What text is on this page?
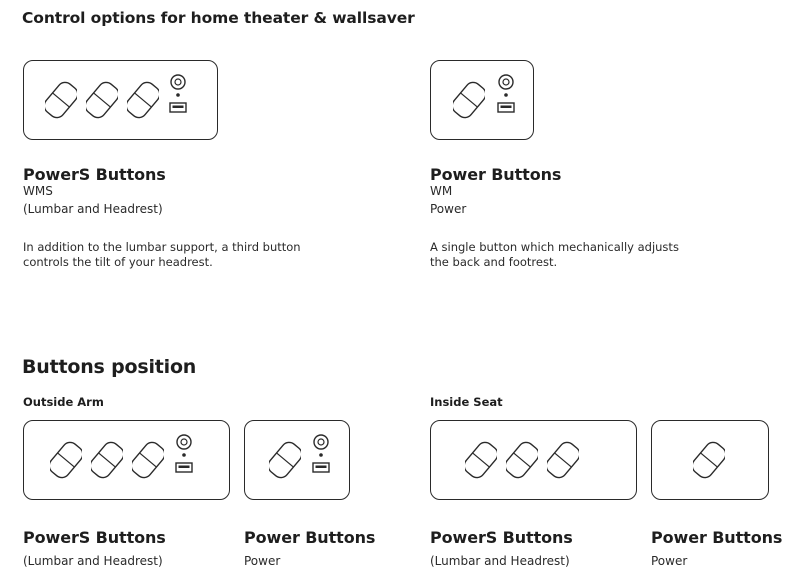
Control options for home theater & wallsaver
PowerS Buttons
WMS
(Lumbar and Headrest)
In addition to the lumbar support, a third button controls the tilt of your headrest.
Power Buttons
WM
Power
A single button which mechanically adjusts the back and footrest.
Buttons position
Outside Arm	Inside Seat
PowerS Buttons
(Lumbar and Headrest)
Power Buttons
Power
PowerS Buttons
(Lumbar and Headrest)
Power Buttons
Power
